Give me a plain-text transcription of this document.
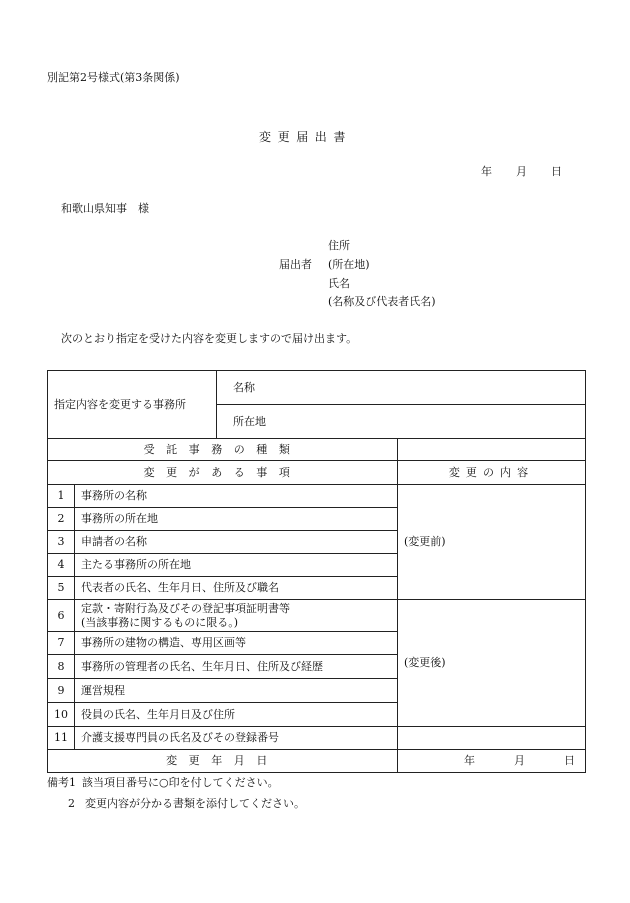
別記第2号様式(第3条関係)
変更届出書
年 月 日
和歌山県知事　様
住所
届出者 (所在地)
氏名
(名称及び代表者氏名)
次のとおり指定を受けた内容を変更しますので届け出ます。
指定内容を変更する事務所		名称	
		所在地	
受託事務の種類			
変更がある事項			変更の内容
1	事務所の名称		(変更前)
2	事務所の所在地		
3	申請者の名称		
4	主たる事務所の所在地		
5	代表者の氏名、生年月日、住所及び職名		
6	定款・寄附行為及びその登記事項証明書等
(当該事務に関するものに限る。)		(変更後)
7	事務所の建物の構造、専用区画等		
8	事務所の管理者の氏名、生年月日、住所及び経歴		
9	運営規程		
10	役員の氏名、生年月日及び住所		
11	介護支援専門員の氏名及びその登録番号		
変更年月日			年 月 日
備考1 該当項目番号に○印を付してください。
2 変更内容が分かる書類を添付してください。
